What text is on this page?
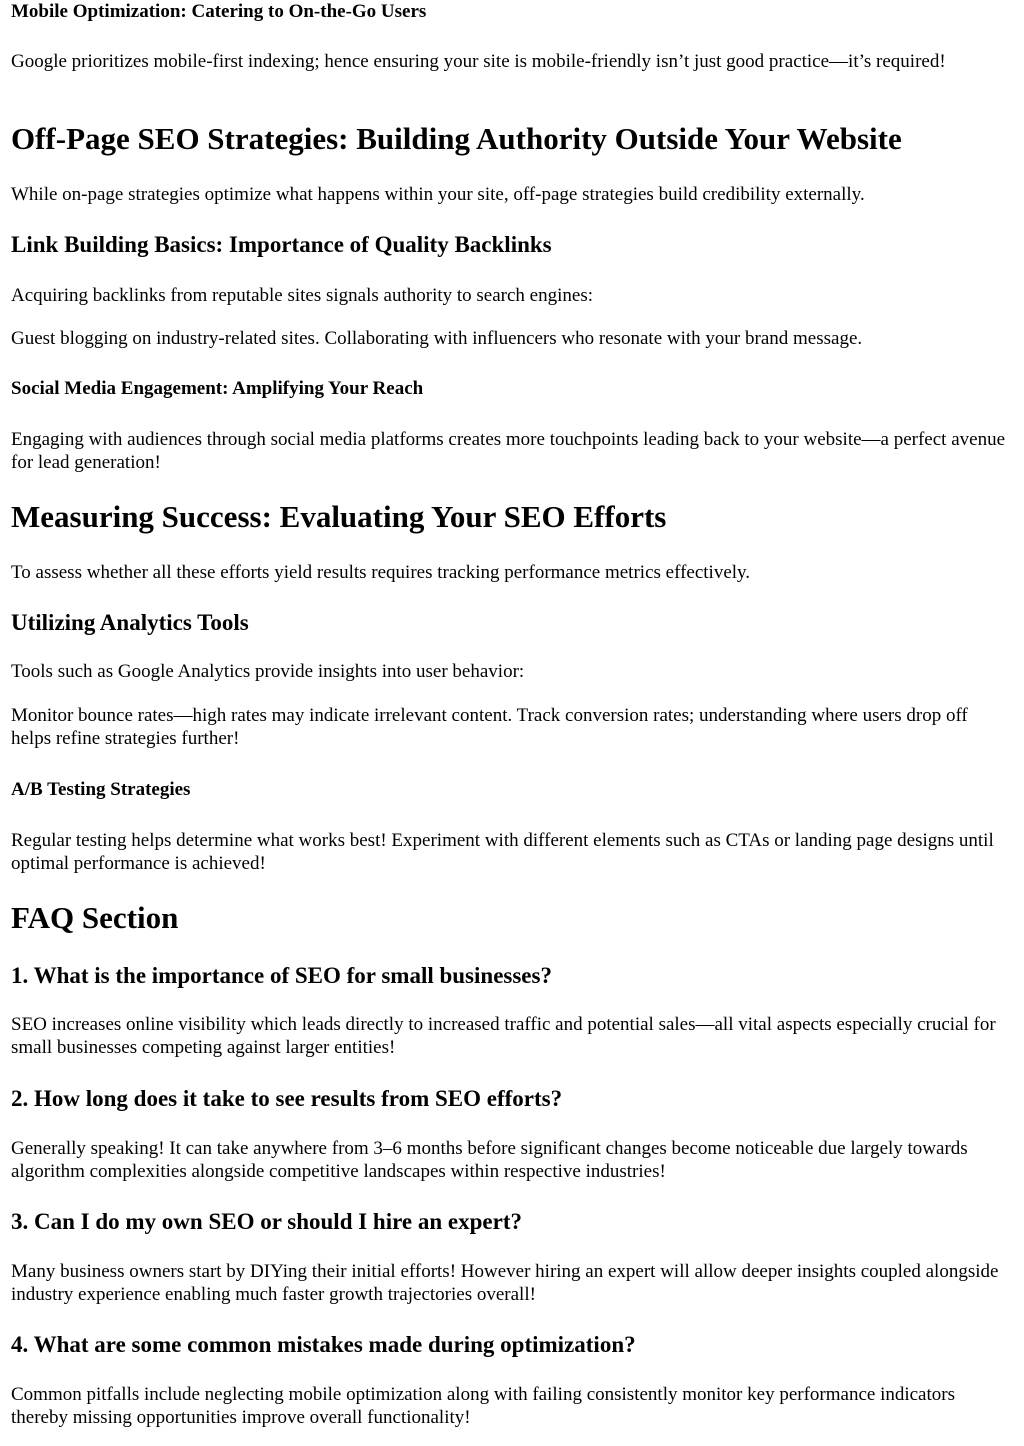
Mobile Optimization: Catering to On-the-Go Users

Google prioritizes mobile-first indexing; hence ensuring your site is mobile-friendly isn’t just good practice—it’s required!

Off-Page SEO Strategies: Building Authority Outside Your Website

While on-page strategies optimize what happens within your site, off-page strategies build credibility externally.

Link Building Basics: Importance of Quality Backlinks

Acquiring backlinks from reputable sites signals authority to search engines:

Guest blogging on industry-related sites. Collaborating with influencers who resonate with your brand message.

Social Media Engagement: Amplifying Your Reach

Engaging with audiences through social media platforms creates more touchpoints leading back to your website—a perfect avenue for lead generation!

Measuring Success: Evaluating Your SEO Efforts

To assess whether all these efforts yield results requires tracking performance metrics effectively.

Utilizing Analytics Tools

Tools such as Google Analytics provide insights into user behavior:

Monitor bounce rates—high rates may indicate irrelevant content. Track conversion rates; understanding where users drop off helps refine strategies further!

A/B Testing Strategies

Regular testing helps determine what works best! Experiment with different elements such as CTAs or landing page designs until optimal performance is achieved!

FAQ Section
1. What is the importance of SEO for small businesses?

SEO increases online visibility which leads directly to increased traffic and potential sales—all vital aspects especially crucial for small businesses competing against larger entities!

2. How long does it take to see results from SEO efforts?

Generally speaking! It can take anywhere from 3–6 months before significant changes become noticeable due largely towards algorithm complexities alongside competitive landscapes within respective industries!

3. Can I do my own SEO or should I hire an expert?

Many business owners start by DIYing their initial efforts! However hiring an expert will allow deeper insights coupled alongside industry experience enabling much faster growth trajectories overall!

4. What are some common mistakes made during optimization?

Common pitfalls include neglecting mobile optimization along with failing consistently monitor key performance indicators thereby missing opportunities improve overall functionality!
